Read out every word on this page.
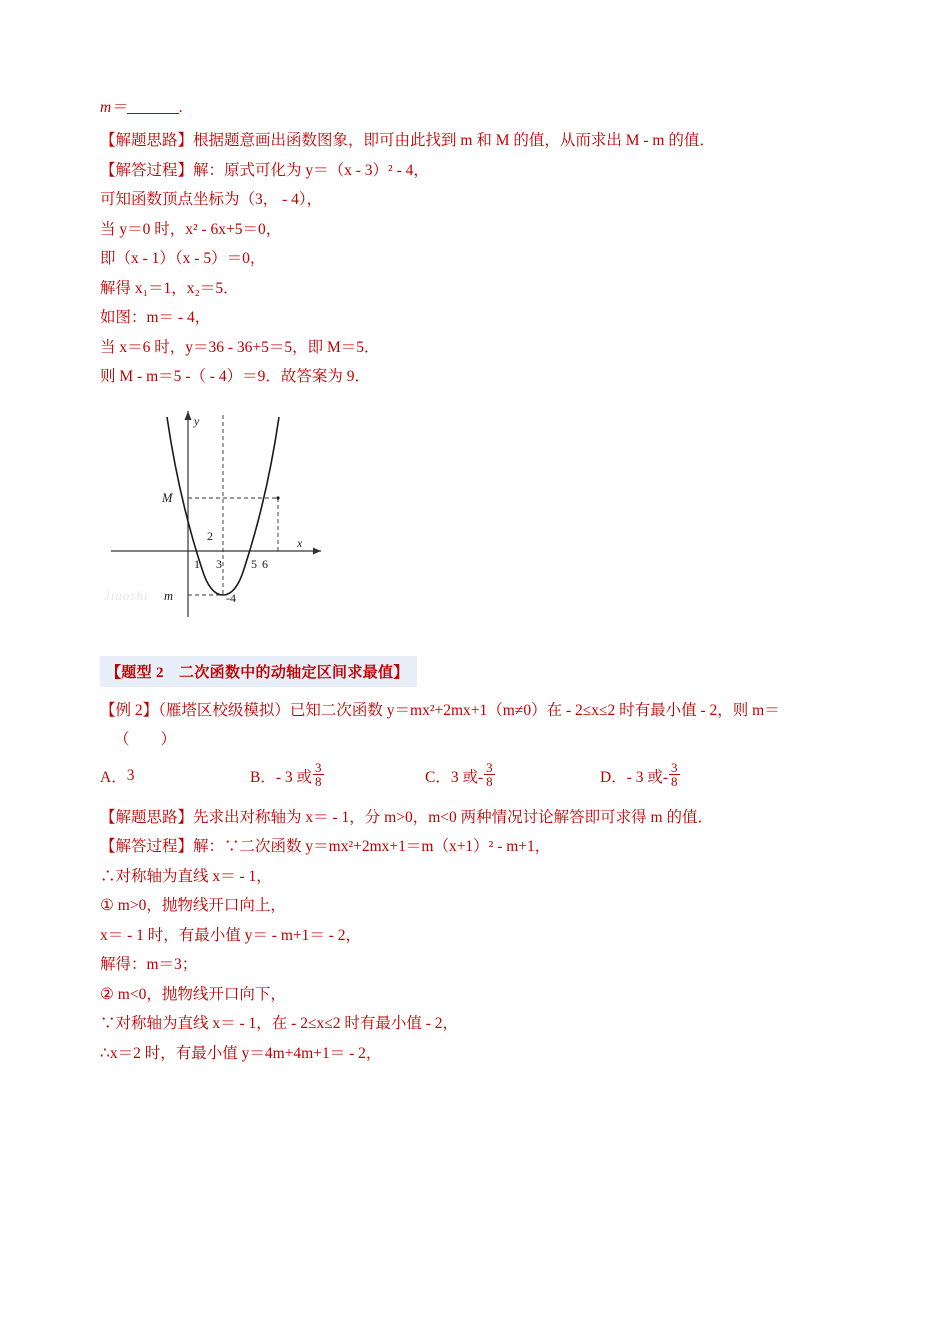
m＝	.
【解题思路】根据题意画出函数图象，即可由此找到 m 和 M 的值，从而求出 M - m 的值．
【解答过程】解：原式可化为 y＝（x - 3）² - 4，
可知函数顶点坐标为（3， - 4），
当 y＝0 时，x² - 6x+5＝0，
即（x - 1）（x - 5）＝0，
解得 x₁＝1，x₂＝5．
如图：m＝ - 4，
当 x＝6 时，y＝36 - 36+5＝5，即 M＝5．
则 M - m＝5 -（ - 4）＝9．故答案为 9．
x
y
M
m
2
1 3 5 6
-4
【题型 2　二次函数中的动轴定区间求最值】
【例 2】（雁塔区校级模拟）已知二次函数 y＝mx²+2mx+1（m≠0）在 - 2≤x≤2 时有最小值 - 2，则 m＝
（　　）
A． 3	B． - 3 或 $\frac{3}{8}$	C． 3 或- $\frac{3}{8}$	D． - 3 或- $\frac{3}{8}$
【解题思路】先求出对称轴为 x＝ - 1，分 m>0，m<0 两种情况讨论解答即可求得 m 的值．
【解答过程】解：∵二次函数 y＝mx²+2mx+1＝m（x+1）² - m+1，
∴对称轴为直线 x＝ - 1，
① m>0，抛物线开口向上，
x＝ - 1 时，有最小值 y＝ - m+1＝ - 2，
解得：m＝3；
② m<0，抛物线开口向下，
∵对称轴为直线 x＝ - 1，在 - 2≤x≤2 时有最小值 - 2，
∴x＝2 时，有最小值 y＝4m+4m+1＝ - 2，
Jiaoshi
